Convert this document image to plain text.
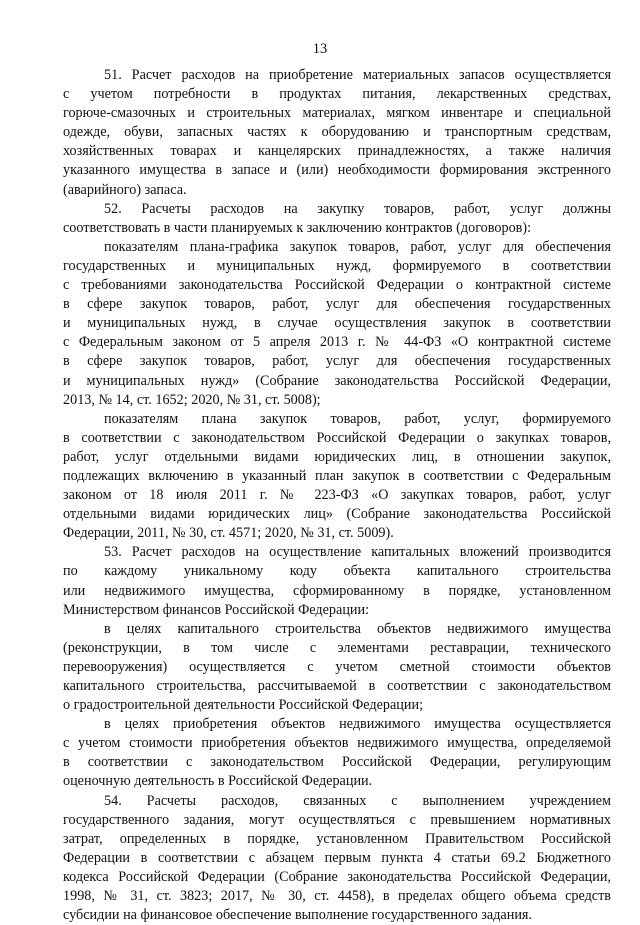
13
51. Расчет расходов на приобретение материальных запасов осуществляется
с учетом потребности в продуктах питания, лекарственных средствах,
горюче-смазочных и строительных материалах, мягком инвентаре и специальной
одежде, обуви, запасных частях к оборудованию и транспортным средствам,
хозяйственных товарах и канцелярских принадлежностях, а также наличия
указанного имущества в запасе и (или) необходимости формирования экстренного
(аварийного) запаса.
52. Расчеты расходов на закупку товаров, работ, услуг должны
соответствовать в части планируемых к заключению контрактов (договоров):
показателям плана-графика закупок товаров, работ, услуг для обеспечения
государственных и муниципальных нужд, формируемого в соответствии
с требованиями законодательства Российской Федерации о контрактной системе
в сфере закупок товаров, работ, услуг для обеспечения государственных
и муниципальных нужд, в случае осуществления закупок в соответствии
с Федеральным законом от 5 апреля 2013 г. № 44-ФЗ «О контрактной системе
в сфере закупок товаров, работ, услуг для обеспечения государственных
и муниципальных нужд» (Собрание законодательства Российской Федерации,
2013, № 14, ст. 1652; 2020, № 31, ст. 5008);
показателям плана закупок товаров, работ, услуг, формируемого
в соответствии с законодательством Российской Федерации о закупках товаров,
работ, услуг отдельными видами юридических лиц, в отношении закупок,
подлежащих включению в указанный план закупок в соответствии с Федеральным
законом от 18 июля 2011 г. № 223-ФЗ «О закупках товаров, работ, услуг
отдельными видами юридических лиц» (Собрание законодательства Российской
Федерации, 2011, № 30, ст. 4571; 2020, № 31, ст. 5009).
53. Расчет расходов на осуществление капитальных вложений производится
по каждому уникальному коду объекта капитального строительства
или недвижимого имущества, сформированному в порядке, установленном
Министерством финансов Российской Федерации:
в целях капитального строительства объектов недвижимого имущества
(реконструкции, в том числе с элементами реставрации, технического
перевооружения) осуществляется с учетом сметной стоимости объектов
капитального строительства, рассчитываемой в соответствии с законодательством
о градостроительной деятельности Российской Федерации;
в целях приобретения объектов недвижимого имущества осуществляется
с учетом стоимости приобретения объектов недвижимого имущества, определяемой
в соответствии с законодательством Российской Федерации, регулирующим
оценочную деятельность в Российской Федерации.
54. Расчеты расходов, связанных с выполнением учреждением
государственного задания, могут осуществляться с превышением нормативных
затрат, определенных в порядке, установленном Правительством Российской
Федерации в соответствии с абзацем первым пункта 4 статьи 69.2 Бюджетного
кодекса Российской Федерации (Собрание законодательства Российской Федерации,
1998, № 31, ст. 3823; 2017, № 30, ст. 4458), в пределах общего объема средств
субсидии на финансовое обеспечение выполнение государственного задания.
